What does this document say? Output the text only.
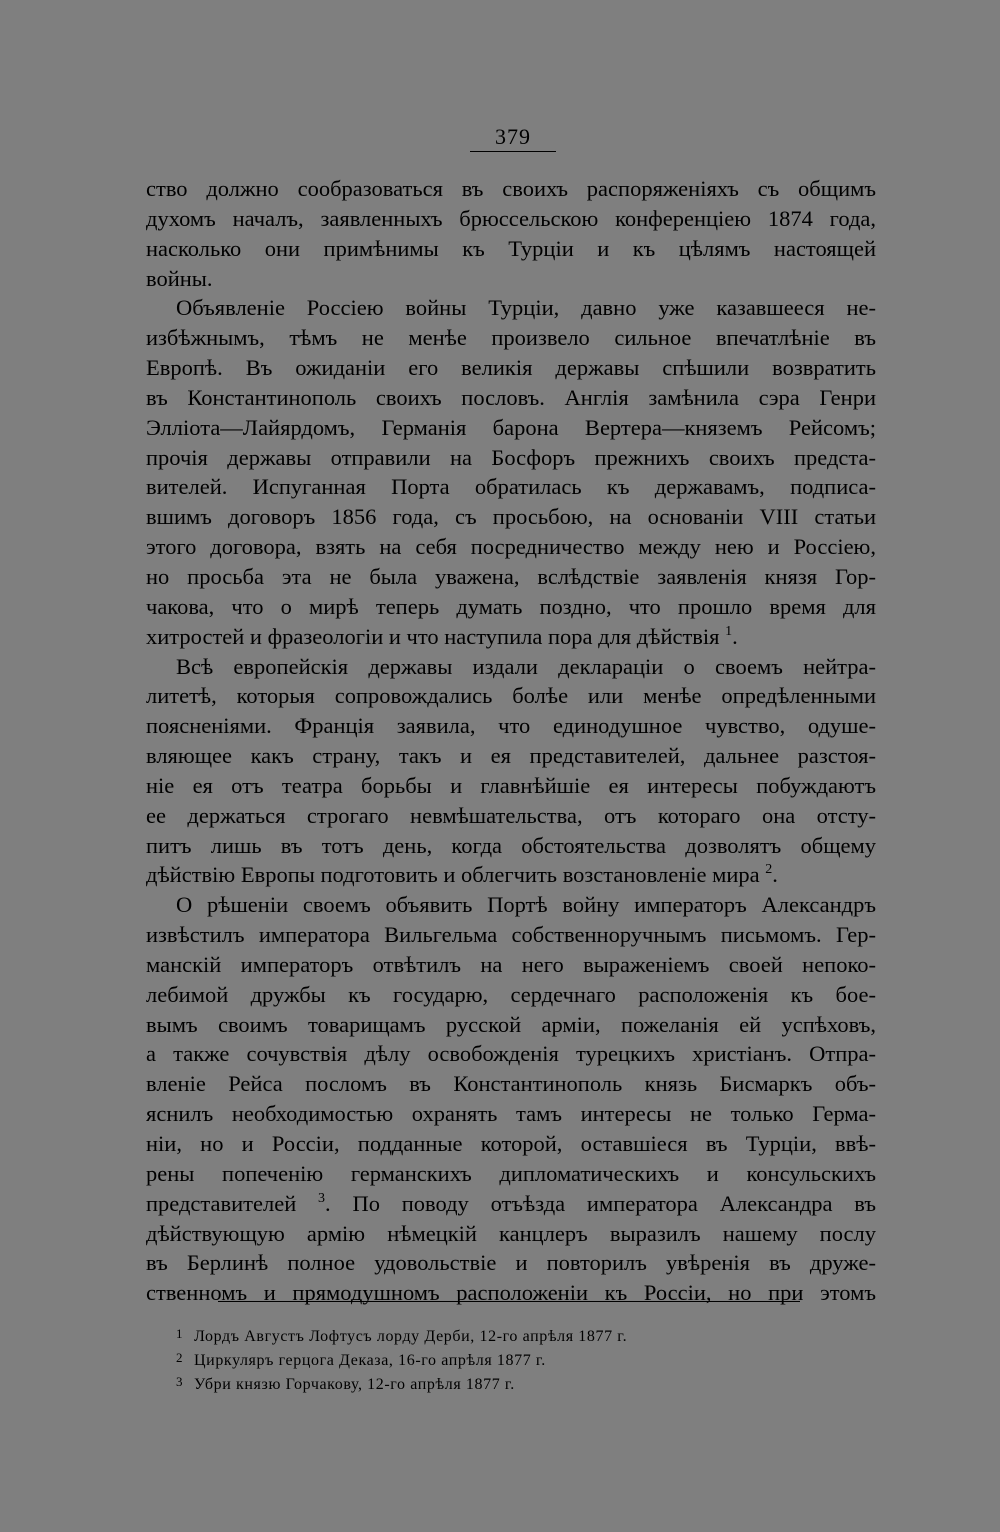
379
ство должно сообразоваться въ своихъ распоряженіяхъ съ общимъ
духомъ началъ, заявленныхъ брюссельскою конференціею 1874 года,
насколько они примѣнимы къ Турціи и къ цѣлямъ настоящей
войны.
Объявленіе Россіею войны Турціи, давно уже казавшееся не-
избѣжнымъ, тѣмъ не менѣе произвело сильное впечатлѣніе въ
Европѣ. Въ ожиданіи его великія державы спѣшили возвратить
въ Константинополь своихъ пословъ. Англія замѣнила сэра Генри
Эллiота—Лайярдомъ, Германія барона Вертера—княземъ Рейсомъ;
прочія державы отправили на Босфоръ прежнихъ своихъ предста-
вителей. Испуганная Порта обратилась къ державамъ, подписа-
вшимъ договоръ 1856 года, съ просьбою, на основаніи VIII статьи
этого договора, взять на себя посредничество между нею и Россіею,
но просьба эта не была уважена, вслѣдствіе заявленія князя Гор-
чакова, что о мирѣ теперь думать поздно, что прошло время для
хитростей и фразеологіи и что наступила пора для дѣйствія $^1$.
Всѣ европейскія державы издали декларацiи о своемъ нейтра-
литетѣ, которыя сопровождались болѣе или менѣе опредѣленными
поясненіями. Франція заявила, что единодушное чувство, одуше-
вляющее какъ страну, такъ и ея представителей, дальнее разстоя-
ніе ея отъ театра борьбы и главнѣйшіе ея интересы побуждаютъ
ее держаться строгаго невмѣшательства, отъ котораго она отсту-
питъ лишь въ тотъ день, когда обстоятельства дозволятъ общему
дѣйствію Европы подготовить и облегчить возстановленіе мира $^2$.
О рѣшеніи своемъ объявить Портѣ войну императоръ Александръ
извѣстилъ императора Вильгельма собственноручнымъ письмомъ. Гер-
манскій императоръ отвѣтилъ на него выраженіемъ своей непоко-
лебимой дружбы къ государю, сердечнаго расположенія къ бое-
вымъ своимъ товарищамъ русской арміи, пожеланія ей успѣховъ,
а также сочувствія дѣлу освобожденія турецкихъ христіанъ. Отпра-
вленіе Рейса посломъ въ Константинополь князь Бисмаркъ объ-
яснилъ необходимостью охранять тамъ интересы не только Герма-
ніи, но и Россіи, подданные которой, оставшіеся въ Турціи, ввѣ-
рены попеченію германскихъ дипломатическихъ и консульскихъ
представителей $^3$. По поводу отъѣзда императора Александра въ
дѣйствующую армію нѣмецкій канцлеръ выразилъ нашему послу
въ Берлинѣ полное удовольствіе и повторилъ увѣренія въ друже-
ственномъ и прямодушномъ расположеніи къ Россіи, но при этомъ
1 Лордъ Августъ Лофтусъ лорду Дерби, 12-го апрѣля 1877 г.
2 Циркуляръ герцога Деказа, 16-го апрѣля 1877 г.
3 Убри князю Горчакову, 12-го апрѣля 1877 г.
